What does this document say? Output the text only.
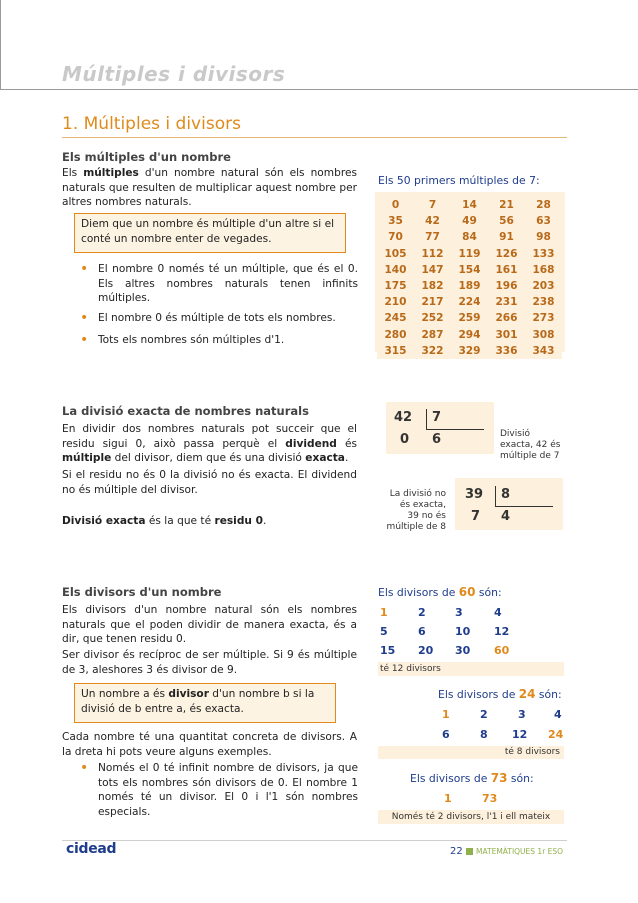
Múltiples i divisors
1. Múltiples i divisors
Els múltiples d'un nombre
Els múltiples d'un nombre natural són els nombres naturals que resulten de multiplicar aquest nombre per altres nombres naturals.
Diem que un nombre és múltiple d'un altre si el conté un nombre enter de vegades.
• El nombre 0 només té un múltiple, que és el 0. Els altres nombres naturals tenen infinits múltiples.
• El nombre 0 és múltiple de tots els nombres.
• Tots els nombres són múltiples d'1.
Els 50 primers múltiples de 7:
0	7	14	21	28
35	42	49	56	63
70	77	84	91	98
105	112	119	126	133
140	147	154	161	168
175	182	189	196	203
210	217	224	231	238
245	252	259	266	273
280	287	294	301	308
315	322	329	336	343
La divisió exacta de nombres naturals
En dividir dos nombres naturals pot succeir que el residu sigui 0, això passa perquè el dividend és múltiple del divisor, diem que és una divisió exacta.
Si el residu no és 0 la divisió no és exacta. El dividend no és múltiple del divisor.
Divisió exacta és la que té residu 0.
42 7
0 6	Divisió
exacta, 42 és
múltiple de 7
La divisió no
és exacta,
39 no és
múltiple de 8
39 8
7 4
Els divisors d'un nombre
Els divisors d'un nombre natural són els nombres naturals que el poden dividir de manera exacta, és a dir, que tenen residu 0.
Ser divisor és recíproc de ser múltiple. Si 9 és múltiple de 3, aleshores 3 és divisor de 9.
Un nombre a és divisor d'un nombre b si la divisió de b entre a, és exacta.
Cada nombre té una quantitat concreta de divisors. A la dreta hi pots veure alguns exemples.
• Només el 0 té infinit nombre de divisors, ja que tots els nombres són divisors de 0. El nombre 1 només té un divisor. El 0 i l'1 són nombres especials.
Els divisors de 60 són:
1	2	3	4
5	6	10 12
15 20 30 60
té 12 divisors
Els divisors de 24 són:
1	2	3	4
6	8 12 24
té 8 divisors
Els divisors de 73 són:
1	73
Només té 2 divisors, l'1 i ell mateix
cidead	22 MATEMÀTIQUES 1r ESO
